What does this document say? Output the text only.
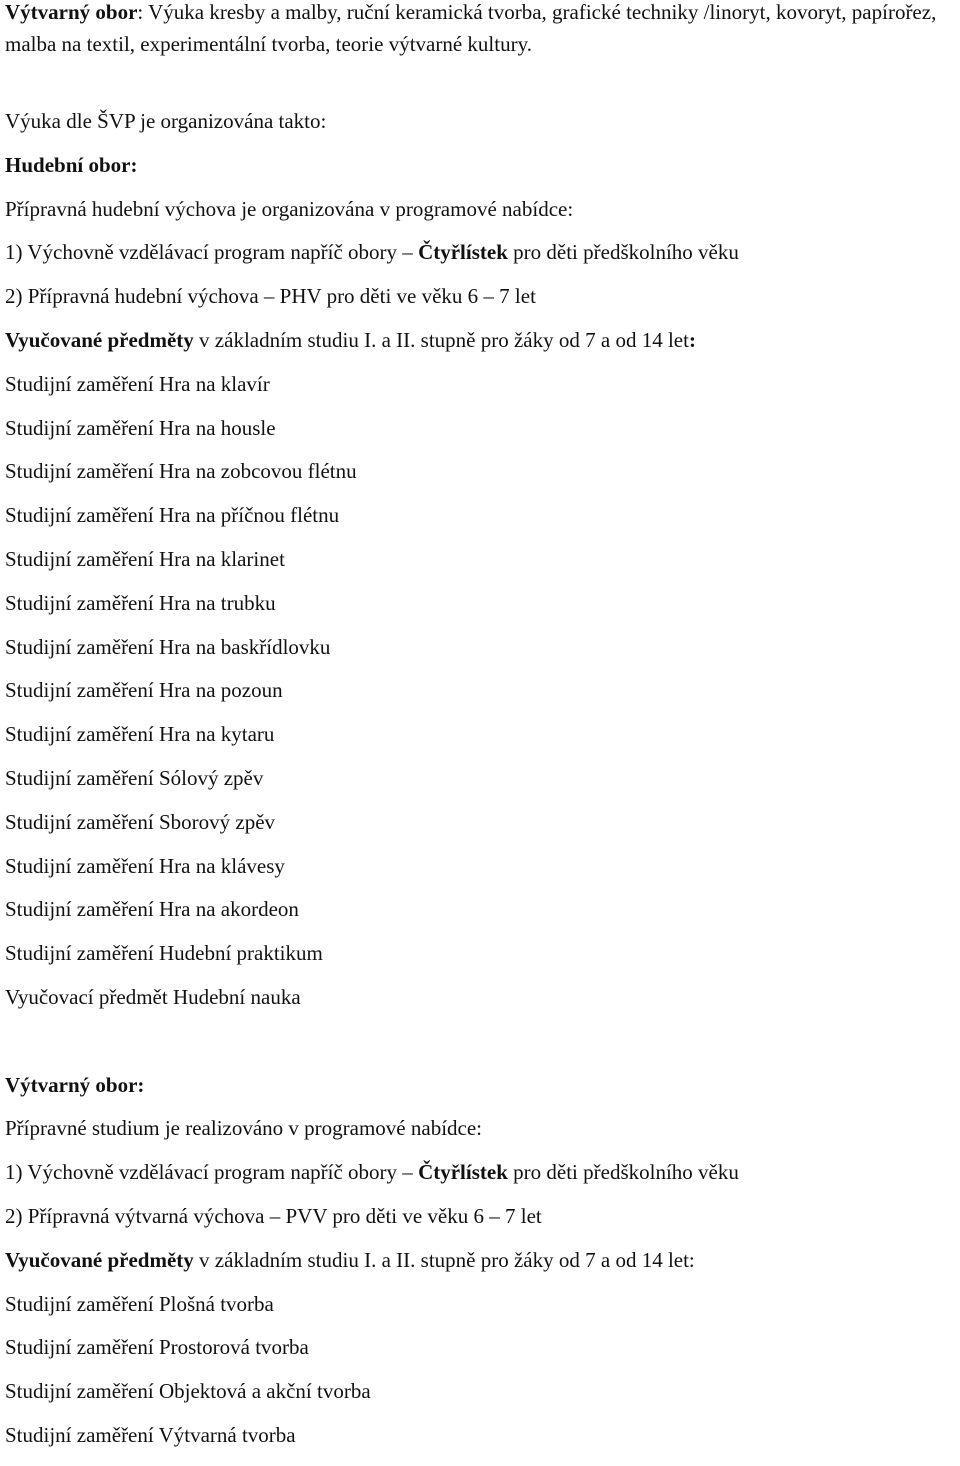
Výtvarný obor: Výuka kresby a malby, ruční keramická tvorba, grafické techniky /linoryt, kovoryt, papírořez, malba na textil, experimentální tvorba, teorie výtvarné kultury.
Výuka dle ŠVP je organizována takto:
Hudební obor:
Přípravná hudební výchova je organizována v programové nabídce:
1) Výchovně vzdělávací program napříč obory – Čtyřlístek pro děti předškolního věku
2) Přípravná hudební výchova – PHV pro děti ve věku 6 – 7 let
Vyučované předměty v základním studiu I. a II. stupně pro žáky od 7 a od 14 let:
Studijní zaměření Hra na klavír
Studijní zaměření Hra na housle
Studijní zaměření Hra na zobcovou flétnu
Studijní zaměření Hra na příčnou flétnu
Studijní zaměření Hra na klarinet
Studijní zaměření Hra na trubku
Studijní zaměření Hra na baskřídlovku
Studijní zaměření Hra na pozoun
Studijní zaměření Hra na kytaru
Studijní zaměření Sólový zpěv
Studijní zaměření Sborový zpěv
Studijní zaměření Hra na klávesy
Studijní zaměření Hra na akordeon
Studijní zaměření Hudební praktikum
Vyučovací předmět Hudební nauka
Výtvarný obor:
Přípravné studium je realizováno v programové nabídce:
1) Výchovně vzdělávací program napříč obory – Čtyřlístek pro děti předškolního věku
2) Přípravná výtvarná výchova – PVV pro děti ve věku 6 – 7 let
Vyučované předměty v základním studiu I. a II. stupně pro žáky od 7 a od 14 let:
Studijní zaměření Plošná tvorba
Studijní zaměření Prostorová tvorba
Studijní zaměření Objektová a akční tvorba
Studijní zaměření Výtvarná tvorba
